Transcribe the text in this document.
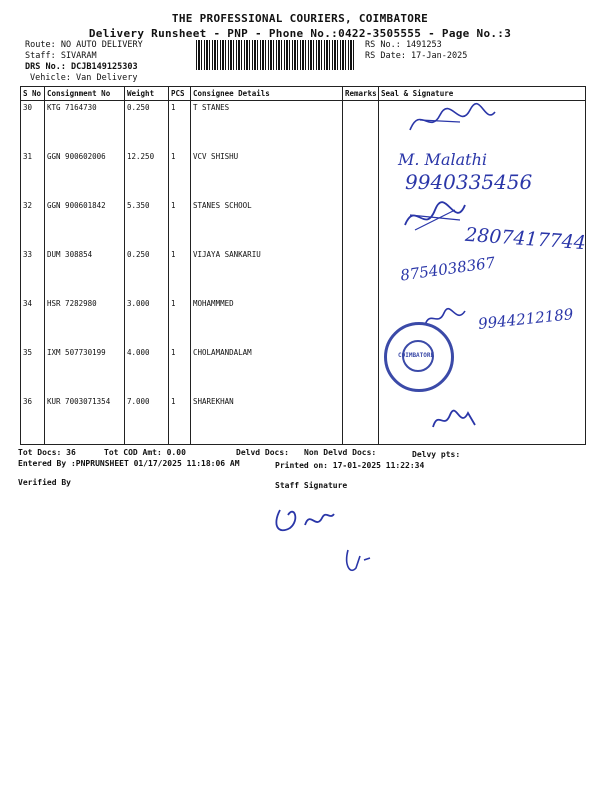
THE PROFESSIONAL COURIERS, COIMBATORE
Delivery Runsheet - PNP - Phone No.:0422-3505555 - Page No.:3
Route: NO AUTO DELIVERY
Staff: SIVARAM
DRS No.: DCJB149125303
Vehicle: Van Delivery
RS No.: 1491253
RS Date: 17-Jan-2025
S No	Consignment No	Weight	PCS	Consignee Details	Remarks	Seal & Signature
30	KTG 7164730	0.250	1	T STANES		
31	GGN 900602006	12.250	1	VCV SHISHU		
32	GGN 900601842	5.350	1	STANES SCHOOL		
33	DUM 308854	0.250	1	VIJAYA SANKARIU		
34	HSR 7282980	3.000	1	MOHAMMMED		
35	IXM 507730199	4.000	1	CHOLAMANDALAM		
36	KUR 7003071354	7.000	1	SHAREKHAN		
M. Malathi
9940335456
2807417744
8754038367
9944212189
COIMBATORE
Tot Docs: 36	Tot COD Amt: 0.00	Delvd Docs: Non Delvd Docs:	Delvy pts:
Entered By :PNPRUNSHEET 01/17/2025 11:18:06 AM	Printed on: 17-01-2025 11:22:34
Verified By	Staff Signature
